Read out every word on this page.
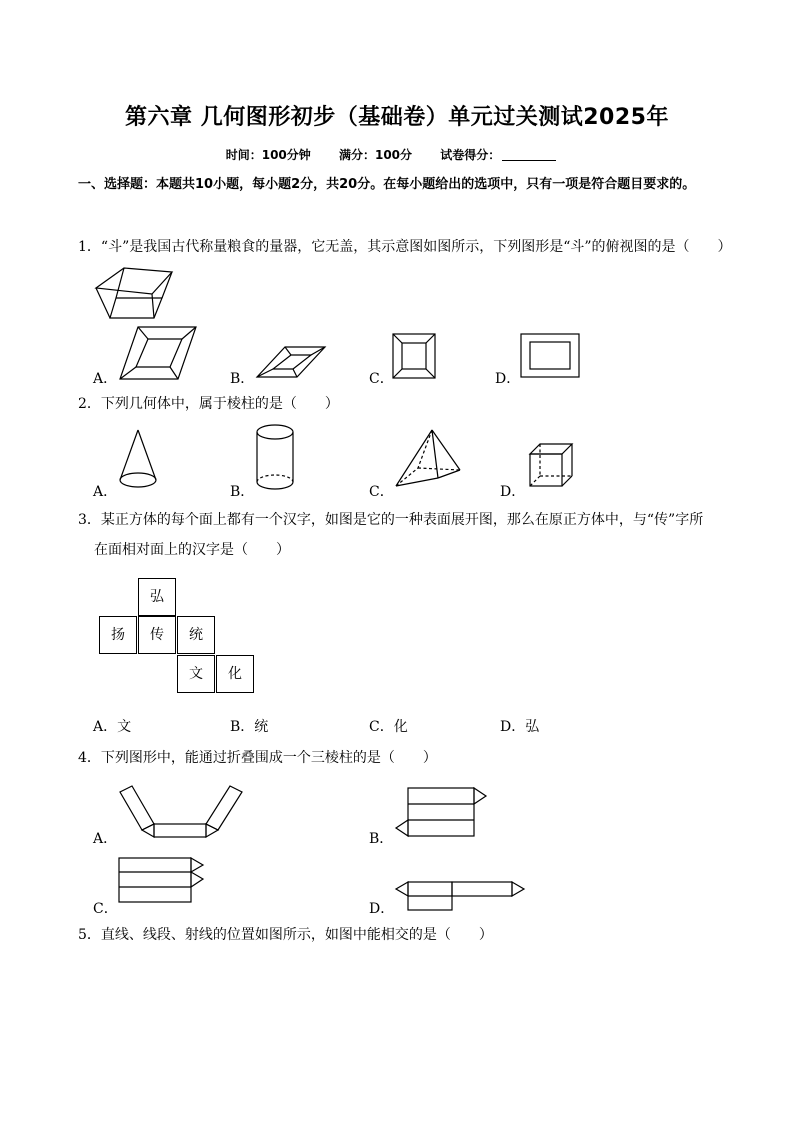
第六章 几何图形初步（基础卷）单元过关测试2025年
时间：100分钟 满分：100分 试卷得分：
一、选择题：本题共10小题，每小题2分，共20分。在每小题给出的选项中，只有一项是符合题目要求的。
1．“斗”是我国古代称量粮食的量器，它无盖，其示意图如图所示，下列图形是“斗”的俯视图的是（　　）
A．	B．	C．	D．
2．下列几何体中，属于棱柱的是（　　）
A．	B．	C．	D．
3．某正方体的每个面上都有一个汉字，如图是它的一种表面展开图，那么在原正方体中，与“传”字所
在面相对面上的汉字是（　　）
弘
扬	传	统
文	化
A．文	B．统	C．化	D．弘
4．下列图形中，能通过折叠围成一个三棱柱的是（　　）
A．	B．
C．	D．
5．直线、线段、射线的位置如图所示，如图中能相交的是（　　）
